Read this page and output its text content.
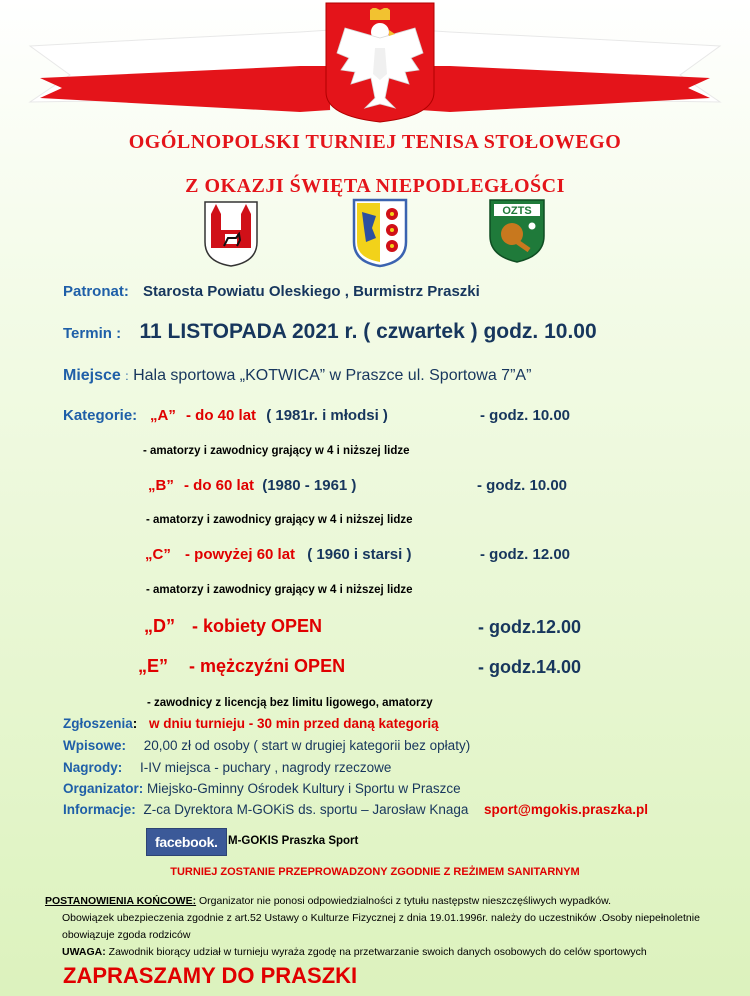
OGÓLNOPOLSKI TURNIEJ TENISA STOŁOWEGO
Z OKAZJI ŚWIĘTA NIEPODLEGŁOŚCI
OZTS
Patronat: Starosta Powiatu Oleskiego , Burmistrz Praszki
Termin : 11 LISTOPADA 2021 r. ( czwartek ) godz. 10.00
Miejsce : Hala sportowa „KOTWICA” w Praszce ul. Sportowa 7”A”
Kategorie: „A” - do 40 lat ( 1981r. i młodsi )	- godz. 10.00
- amatorzy i zawodnicy grający w 4 i niższej lidze
„B” - do 60 lat (1980 - 1961 )	- godz. 10.00
- amatorzy i zawodnicy grający w 4 i niższej lidze
„C” - powyżej 60 lat ( 1960 i starsi )	- godz. 12.00
- amatorzy i zawodnicy grający w 4 i niższej lidze
„D” - kobiety OPEN	- godz.12.00
„E” - mężczyźni OPEN	- godz.14.00
- zawodnicy z licencją bez limitu ligowego, amatorzy
Zgłoszenia: w dniu turnieju - 30 min przed daną kategorią
Wpisowe: 20,00 zł od osoby ( start w drugiej kategorii bez opłaty)
Nagrody: I-IV miejsca - puchary , nagrody rzeczowe
Organizator: Miejsko-Gminny Ośrodek Kultury i Sportu w Praszce
Informacje: Z-ca Dyrektora M-GOKiS ds. sportu – Jarosław Knaga sport@mgokis.praszka.pl
facebook. M-GOKIS Praszka Sport
TURNIEJ ZOSTANIE PRZEPROWADZONY ZGODNIE Z REŻIMEM SANITARNYM
POSTANOWIENIA KOŃCOWE: Organizator nie ponosi odpowiedzialności z tytułu następstw nieszczęśliwych wypadków.
Obowiązek ubezpieczenia zgodnie z art.52 Ustawy o Kulturze Fizycznej z dnia 19.01.1996r. należy do uczestników .Osoby niepełnoletnie
obowiązuje zgoda rodziców
UWAGA: Zawodnik biorący udział w turnieju wyraża zgodę na przetwarzanie swoich danych osobowych do celów sportowych
ZAPRASZAMY DO PRASZKI
